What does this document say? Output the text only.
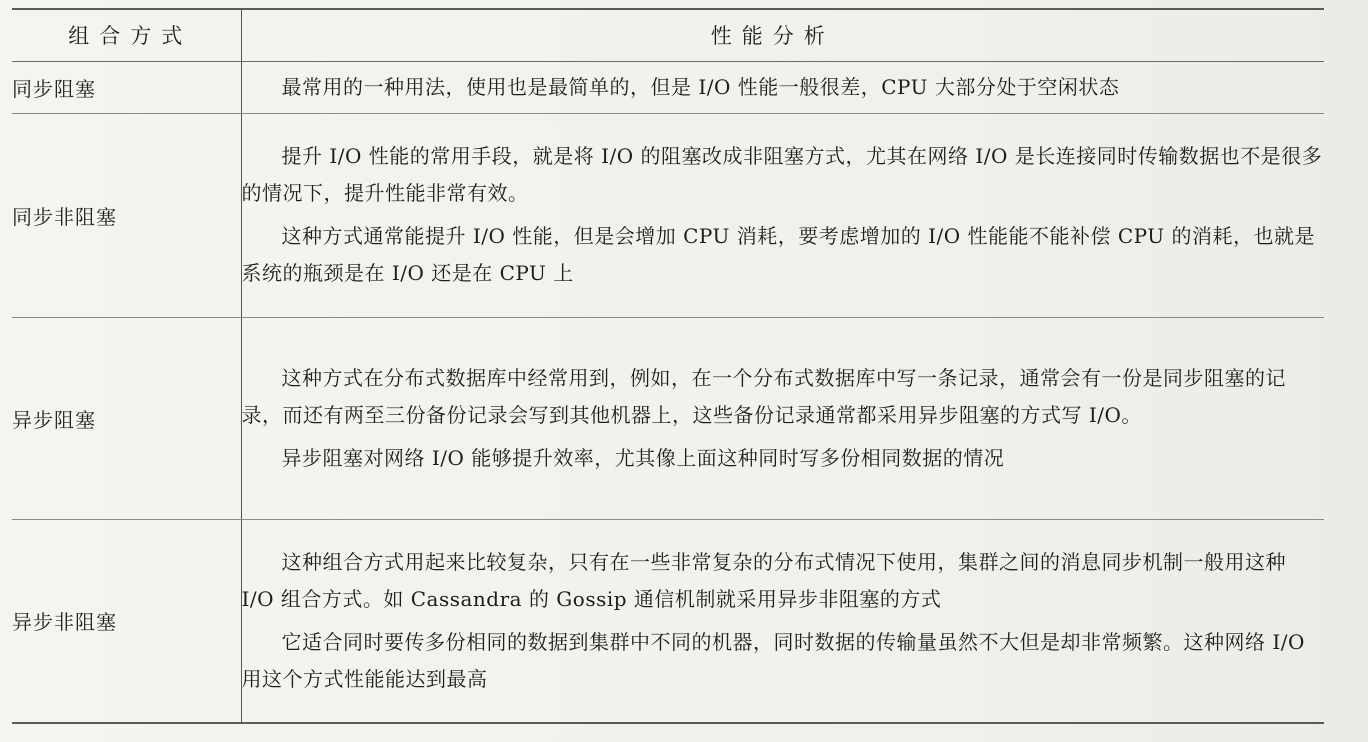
组合方式	性能分析
同步阻塞	最常用的一种用法，使用也是最简单的，但是 I/O 性能一般很差，CPU 大部分处于空闲状态

同步非阻塞	提升 I/O 性能的常用手段，就是将 I/O 的阻塞改成非阻塞方式，尤其在网络 I/O 是长连接同时传输数据也不是很多的情况下，提升性能非常有效。

这种方式通常能提升 I/O 性能，但是会增加 CPU 消耗，要考虑增加的 I/O 性能能不能补偿 CPU 的消耗，也就是系统的瓶颈是在 I/O 还是在 CPU 上

异步阻塞	这种方式在分布式数据库中经常用到，例如，在一个分布式数据库中写一条记录，通常会有一份是同步阻塞的记录，而还有两至三份备份记录会写到其他机器上，这些备份记录通常都采用异步阻塞的方式写 I/O。

异步阻塞对网络 I/O 能够提升效率，尤其像上面这种同时写多份相同数据的情况

异步非阻塞	这种组合方式用起来比较复杂，只有在一些非常复杂的分布式情况下使用，集群之间的消息同步机制一般用这种 I/O 组合方式。如 Cassandra 的 Gossip 通信机制就采用异步非阻塞的方式

它适合同时要传多份相同的数据到集群中不同的机器，同时数据的传输量虽然不大但是却非常频繁。这种网络 I/O 用这个方式性能能达到最高
